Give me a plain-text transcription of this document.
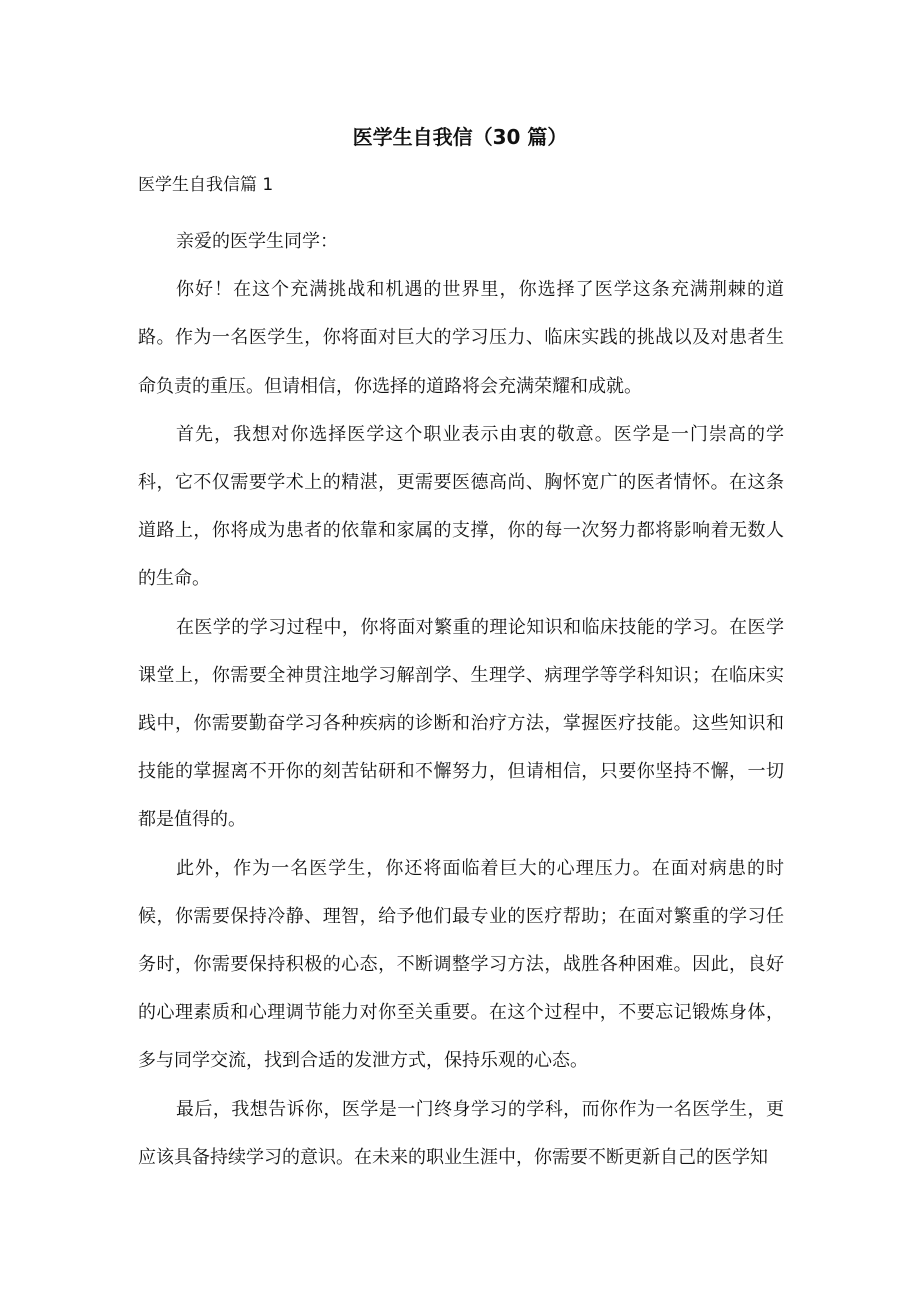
医学生自我信（30 篇）
医学生自我信篇 1

亲爱的医学生同学：

你好！在这个充满挑战和机遇的世界里，你选择了医学这条充满荆棘的道路。作为一名医学生，你将面对巨大的学习压力、临床实践的挑战以及对患者生命负责的重压。但请相信，你选择的道路将会充满荣耀和成就。

首先，我想对你选择医学这个职业表示由衷的敬意。医学是一门崇高的学科，它不仅需要学术上的精湛，更需要医德高尚、胸怀宽广的医者情怀。在这条道路上，你将成为患者的依靠和家属的支撑，你的每一次努力都将影响着无数人的生命。

在医学的学习过程中，你将面对繁重的理论知识和临床技能的学习。在医学课堂上，你需要全神贯注地学习解剖学、生理学、病理学等学科知识；在临床实践中，你需要勤奋学习各种疾病的诊断和治疗方法，掌握医疗技能。这些知识和技能的掌握离不开你的刻苦钻研和不懈努力，但请相信，只要你坚持不懈，一切都是值得的。

此外，作为一名医学生，你还将面临着巨大的心理压力。在面对病患的时候，你需要保持冷静、理智，给予他们最专业的医疗帮助；在面对繁重的学习任务时，你需要保持积极的心态，不断调整学习方法，战胜各种困难。因此，良好的心理素质和心理调节能力对你至关重要。在这个过程中，不要忘记锻炼身体，多与同学交流，找到合适的发泄方式，保持乐观的心态。

最后，我想告诉你，医学是一门终身学习的学科，而你作为一名医学生，更应该具备持续学习的意识。在未来的职业生涯中，你需要不断更新自己的医学知
